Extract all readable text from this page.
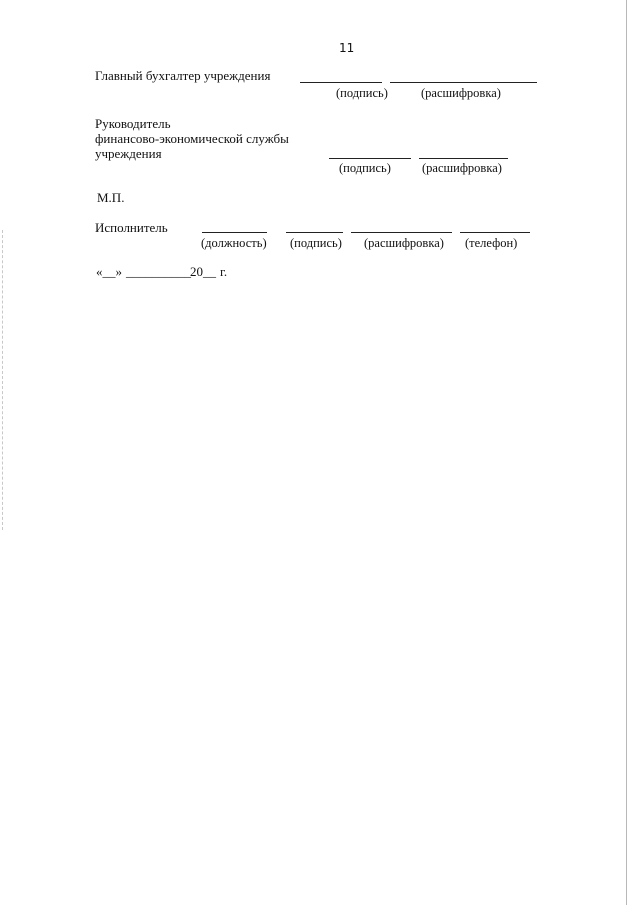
11
Главный бухгалтер учреждения
(подпись)	(расшифровка)
Руководитель
финансово-экономической службы
учреждения
(подпись) (расшифровка)
М.П.
Исполнитель
(должность) (подпись) (расшифровка) (телефон)
«__» __________ 20__ г.
